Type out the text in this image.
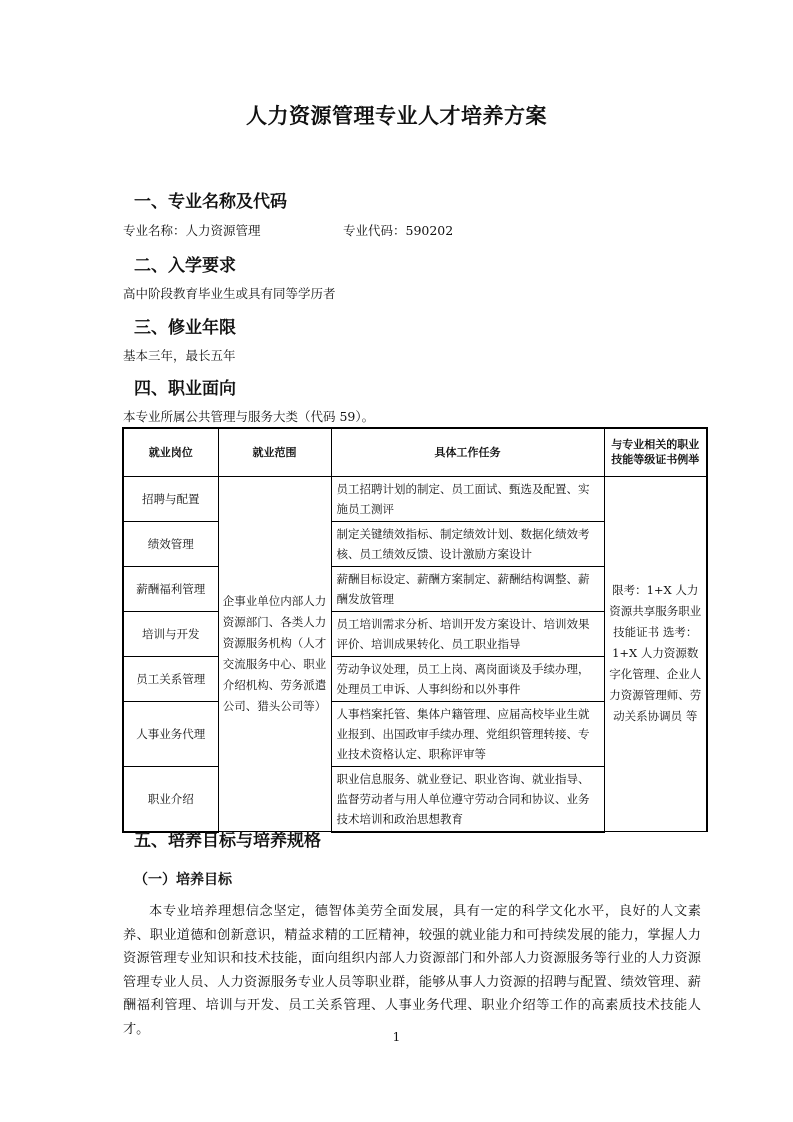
人力资源管理专业人才培养方案
一、专业名称及代码
专业名称：人力资源管理	专业代码：590202
二、入学要求
高中阶段教育毕业生或具有同等学历者
三、修业年限
基本三年，最长五年
四、职业面向
本专业所属公共管理与服务大类（代码 59）。
就业岗位	就业范围	具体工作任务	与专业相关的职业技能等级证书例举
招聘与配置	企事业单位内部人力资源部门、各类人力资源服务机构（人才交流服务中心、职业介绍机构、劳务派遣公司、猎头公司等）	员工招聘计划的制定、员工面试、甄选及配置、实施员工测评	限考：1+X 人力资源共享服务职业技能证书 选考：1+X 人力资源数字化管理、企业人力资源管理师、劳动关系协调员 等
绩效管理		制定关键绩效指标、制定绩效计划、数据化绩效考核、员工绩效反馈、设计激励方案设计	
薪酬福利管理		薪酬目标设定、薪酬方案制定、薪酬结构调整、薪酬发放管理	
培训与开发		员工培训需求分析、培训开发方案设计、培训效果评价、培训成果转化、员工职业指导	
员工关系管理		劳动争议处理，员工上岗、离岗面谈及手续办理，处理员工申诉、人事纠纷和以外事件	
人事业务代理		人事档案托管、集体户籍管理、应届高校毕业生就业报到、出国政审手续办理、党组织管理转接、专业技术资格认定、职称评审等	
职业介绍		职业信息服务、就业登记、职业咨询、就业指导、监督劳动者与用人单位遵守劳动合同和协议、业务技术培训和政治思想教育	
五、培养目标与培养规格
（一）培养目标
本专业培养理想信念坚定，德智体美劳全面发展，具有一定的科学文化水平，良好的人文素养、职业道德和创新意识，精益求精的工匠精神，较强的就业能力和可持续发展的能力，掌握人力资源管理专业知识和技术技能，面向组织内部人力资源部门和外部人力资源服务等行业的人力资源管理专业人员、人力资源服务专业人员等职业群，能够从事人力资源的招聘与配置、绩效管理、薪酬福利管理、培训与开发、员工关系管理、人事业务代理、职业介绍等工作的高素质技术技能人才。
1
